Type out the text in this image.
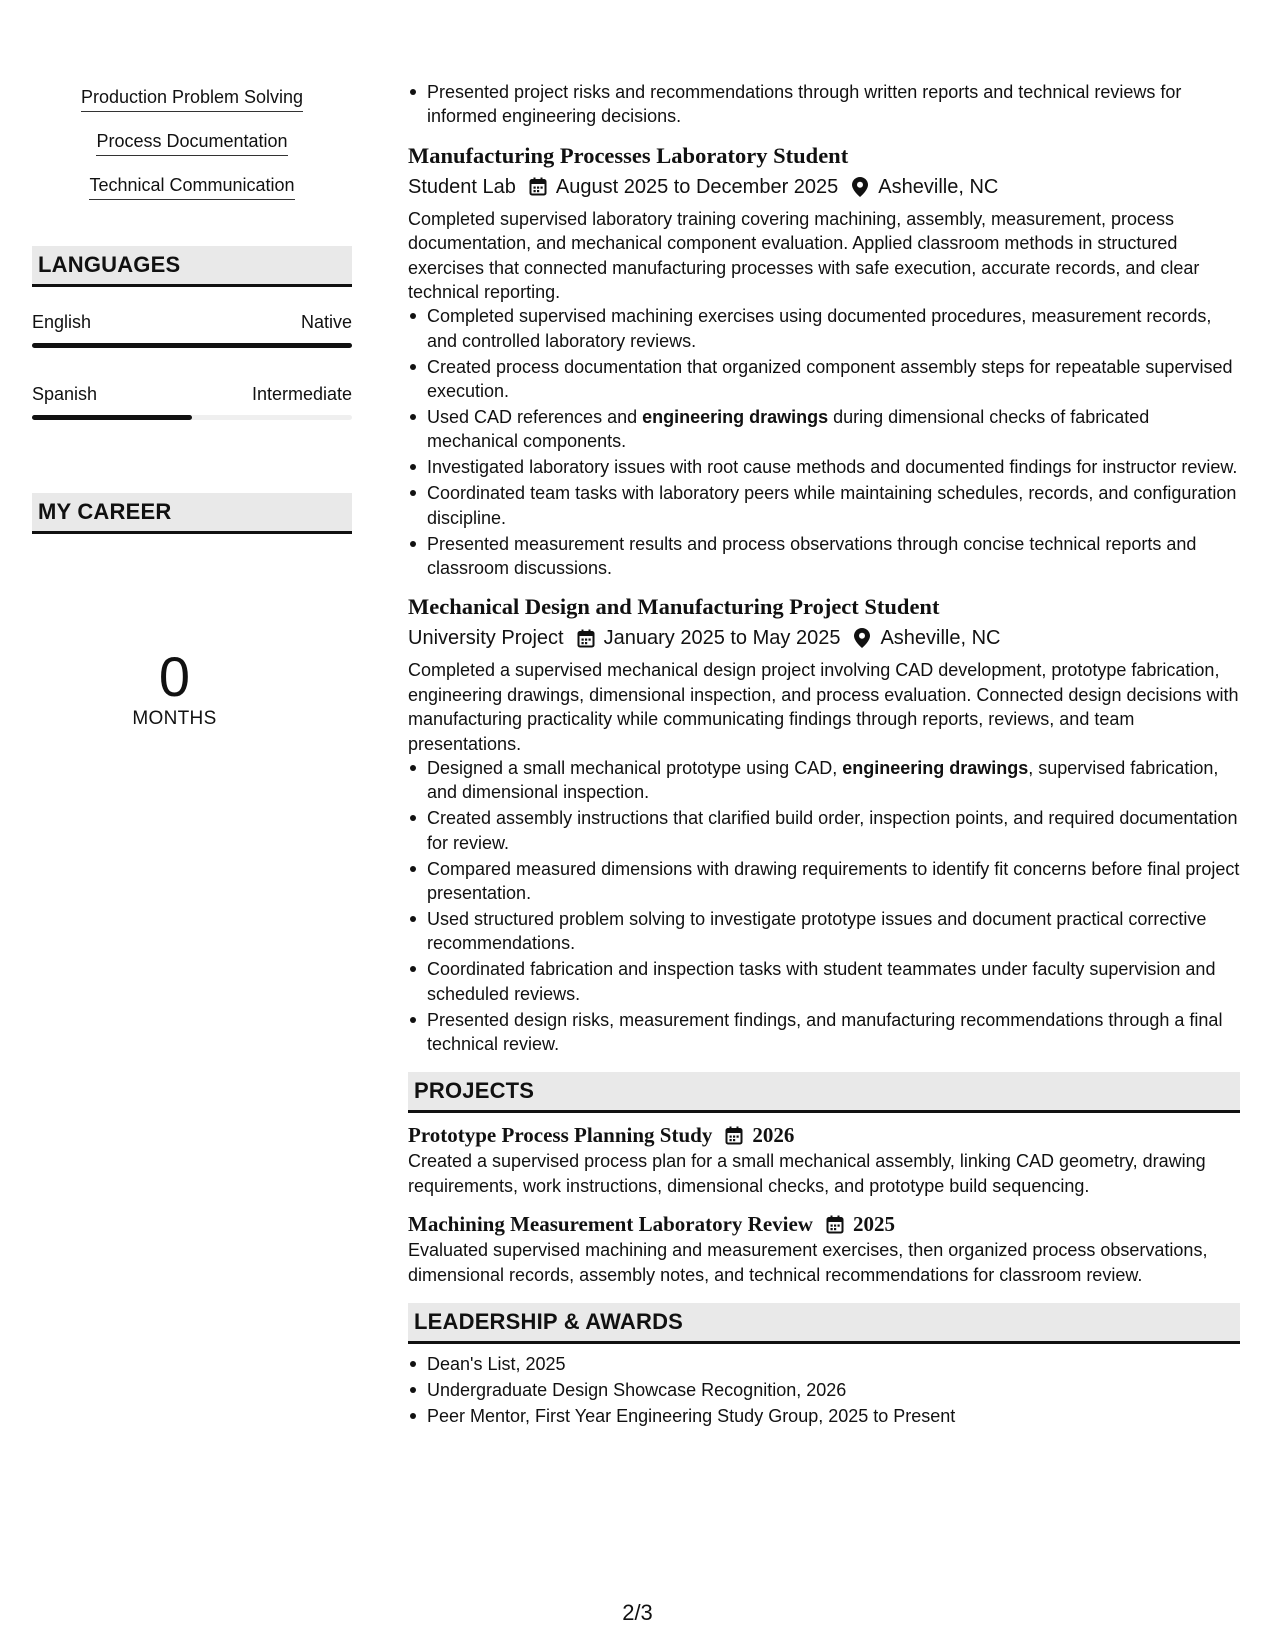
Production Problem Solving
Process Documentation
Technical Communication
LANGUAGES
English	Native
Spanish	Intermediate
MY CAREER
0
MONTHS
Presented project risks and recommendations through written reports and technical reviews for informed engineering decisions.
Manufacturing Processes Laboratory Student
Student Lab August 2025 to December 2025 Asheville, NC
Completed supervised laboratory training covering machining, assembly, measurement, process documentation, and mechanical component evaluation. Applied classroom methods in structured exercises that connected manufacturing processes with safe execution, accurate records, and clear technical reporting.
Completed supervised machining exercises using documented procedures, measurement records, and controlled laboratory reviews.
Created process documentation that organized component assembly steps for repeatable supervised execution.
Used CAD references and engineering drawings during dimensional checks of fabricated mechanical components.
Investigated laboratory issues with root cause methods and documented findings for instructor review.
Coordinated team tasks with laboratory peers while maintaining schedules, records, and configuration discipline.
Presented measurement results and process observations through concise technical reports and classroom discussions.
Mechanical Design and Manufacturing Project Student
University Project January 2025 to May 2025 Asheville, NC
Completed a supervised mechanical design project involving CAD development, prototype fabrication, engineering drawings, dimensional inspection, and process evaluation. Connected design decisions with manufacturing practicality while communicating findings through reports, reviews, and team presentations.
Designed a small mechanical prototype using CAD, engineering drawings, supervised fabrication, and dimensional inspection.
Created assembly instructions that clarified build order, inspection points, and required documentation for review.
Compared measured dimensions with drawing requirements to identify fit concerns before final project presentation.
Used structured problem solving to investigate prototype issues and document practical corrective recommendations.
Coordinated fabrication and inspection tasks with student teammates under faculty supervision and scheduled reviews.
Presented design risks, measurement findings, and manufacturing recommendations through a final technical review.
PROJECTS
Prototype Process Planning Study 2026
Created a supervised process plan for a small mechanical assembly, linking CAD geometry, drawing requirements, work instructions, dimensional checks, and prototype build sequencing.
Machining Measurement Laboratory Review 2025
Evaluated supervised machining and measurement exercises, then organized process observations, dimensional records, assembly notes, and technical recommendations for classroom review.
LEADERSHIP & AWARDS
Dean's List, 2025
Undergraduate Design Showcase Recognition, 2026
Peer Mentor, First Year Engineering Study Group, 2025 to Present
2/3
